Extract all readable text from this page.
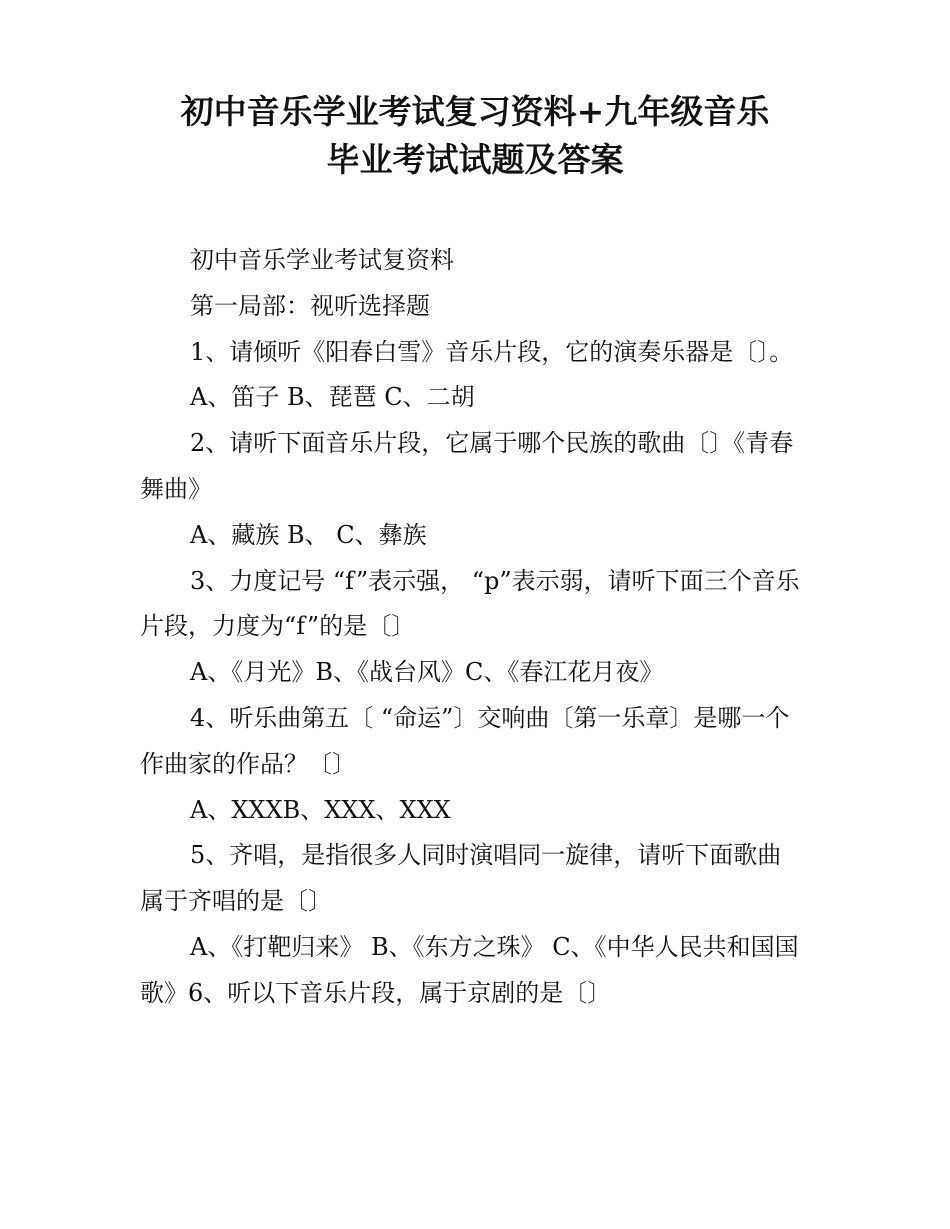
初中音乐学业考试复习资料+九年级音乐
毕业考试试题及答案

初中音乐学业考试复资料

第一局部：视听选择题

1、请倾听《阳春白雪》音乐片段，它的演奏乐器是〔〕。

A、笛子 B、琵琶 C、二胡

2、请听下面音乐片段，它属于哪个民族的歌曲〔〕《青春舞曲》

A、藏族 B、 C、彝族

3、力度记号 “f”表示强， “p”表示弱，请听下面三个音乐片段，力度为“f”的是〔〕

A、《月光》B、《战台风》C、《春江花月夜》

4、听乐曲第五〔 “命运”〕交响曲〔第一乐章〕是哪一个作曲家的作品？〔〕

A、XXXB、XXX、XXX

5、齐唱，是指很多人同时演唱同一旋律，请听下面歌曲属于齐唱的是〔〕

A、《打靶归来》 B、《东方之珠》 C、《中华人民共和国国歌》6、听以下音乐片段，属于京剧的是〔〕
